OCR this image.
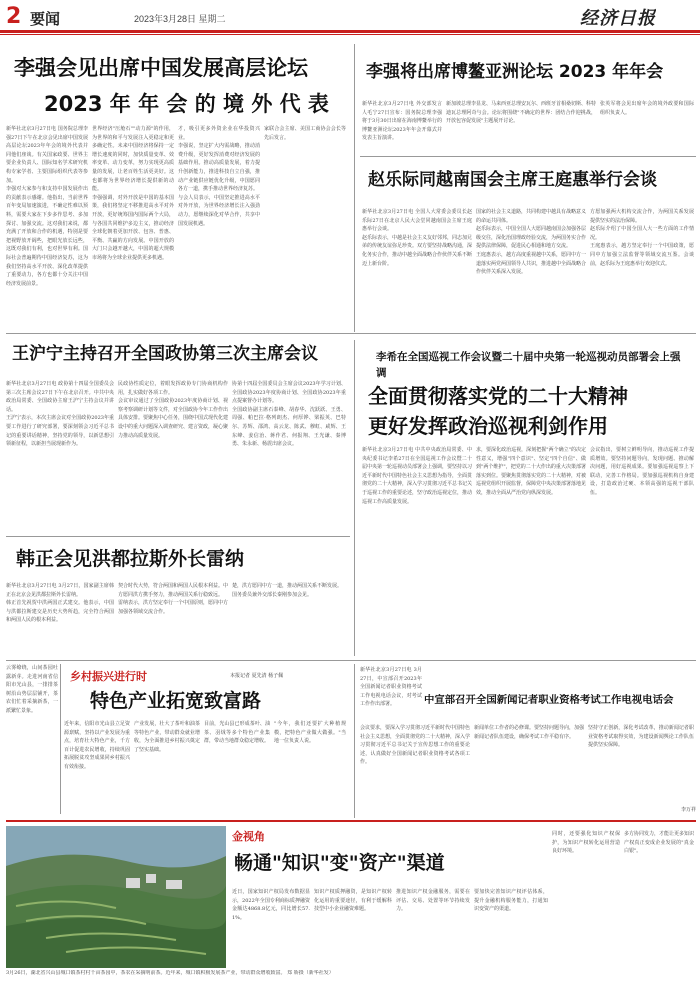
2 要闻	2023年3月28日 星期二	经济日报
李强会见出席中国发展高层论坛
2023 年 年 会 的 境 外 代 表
新华社北京3月27日电 国务院总理李强27日下午在北京会见出席中国发展高层论坛2023年年会的境外代表并同他们座谈。有关国家政要、世界主要企业负责人、国际知名学术研究机构专家学者、主要国际组织代表等参加。
李强对大家参与和支持中国发展作出的贡献表示感谢。他指出，当前世界百年变局加速演进，不确定性难以预料，需要大家在下步多作思考、多加探讨、加强交流。这对我们来说，都充满了开放和合作的机遇，特别是要把视野放开阔些，把眼光放长远些，这既对我们有利，也对世界有利。国际社会普遍期待中国经济复苏，这为我们坚持高水平开放、深化改革提供了重要动力，各方也都十分关注中国经济发展前景。
世界经济"压舱石""动力源"的作用，为世界的和平与发展注入更稳定和更多确定性。未来中国经济将保持一定增长速度的同时，加快质量变革、效率变革、动力变革，努力实现更高质量的发展，让老百姓生活更美好。这也都将为世界经济增长提供新的动能。
李强强调，对外开放是中国的基本国策，我们将坚定不移推进高水平对外开放，更好统筹国内国际两个大局，与各国共同维护多边主义，推动经济全球化朝着更加开放、包容、普惠、平衡、共赢的方向发展。中国开放的大门只会越开越大，中国的超大规模市场将为全球企业提供更多机遇。
才，吸引更多外资企业在华投资兴业。
李强说，坚定扩大内需战略，推动消费升级，更好发挥消费对经济发展的基础作用。推动高质量发展，着力提升创新能力，推进科技自立自强，推动产业链供应链优化升级，中国愿同各方一道，携手推动世界经济复苏。
与会人员表示，中国坚定推进高水平对外开放，为世界经济增长注入强劲动力，愿继续深化对华合作，共享中国发展机遇。
家联合会主席、美国工商协会会长等先后发言。
李强将出席博鳌亚洲论坛 2023 年年会
新华社北京3月27日电 外交部发言人毛宁27日宣布：国务院总理李强将于3月30日出席在海南博鳌举行的博鳌亚洲论坛2023年年会开幕式并发表主旨演讲。
新加坡总理李显龙、马来西亚总理安瓦尔、西班牙首相桑切斯、科特迪瓦总理阿奇与会。论坛将围绕"不确定的世界：团结合作迎挑战，开放包容促发展"主题展开讨论。
张英军将会见出席年会的境外政要和国际组织负责人。
赵乐际同越南国会主席王庭惠举行会谈
新华社北京3月27日电 全国人大常委会委员长赵乐际27日在北京人民大会堂同越南国会主席王庭惠举行会谈。
赵乐际表示，中越是社会主义友好邻邦，同志加兄弟的传统友谊弥足珍贵。双方要坚持战略沟通，深化务实合作，推动中越全面战略合作伙伴关系不断迈上新台阶。
国家的社会主义道路，共同构建中越具有战略意义的命运共同体。
赵乐际表示，中国全国人大愿同越南国会加强各层级交往，深化治国理政经验交流，为两国务实合作提供法律保障，促进民心相通和地方交流。
王庭惠表示，越方高度重视越中关系，愿同中方一道落实两党两国领导人共识，推进越中全面战略合作伙伴关系深入发展。
方愿加强两大机构交流合作，为两国关系发展提供坚实的法治保障。
赵乐际介绍了中国全国人大一些方面的工作情况。
王庭惠表示，越方坚定奉行一个中国政策，愿同中方加强立法监督等领域交流互鉴。会谈前，赵乐际为王庭惠举行欢迎仪式。
王沪宁主持召开全国政协第三次主席会议
新华社北京3月27日电 政协第十四届全国委员会第三次主席会议27日下午在北京召开。中共中央政治局常委、全国政协主席王沪宁主持会议并讲话。
王沪宁表示，本次主席会议对全国政协2023年重要工作进行了研究部署，要深刻领会习近平总书记的重要讲话精神，坚持党的领导，以新思想引领新征程，以新担当展现新作为。
民政协性质定位，着眼发挥政协专门协商机构作用，扎实做好各项工作。
会议审议通过了全国政协2023年度协商计划、视察考察调研计划等文件，对全国政协今年工作作出具体安排。要聚焦中心任务，围绕中国式现代化建设中的重大问题深入调查研究、建言资政，凝心聚力推动高质量发展。
协第十四届全国委员会主席会议2023年学习计划、全国政协2023年度协商计划、全国政协2023年重点提案督办计划等。
全国政协副主席石泰峰、胡春华、沈跃跃、王勇、周强、帕巴拉·格列朗杰、何厚铧、梁振英、巴特尔、苏辉、邵鸿、高云龙、陈武、穆虹、咸辉、王东峰、姜信治、蒋作君、何报翔、王光谦、秦博勇、朱永新、杨震出席会议。
李希在全国巡视工作会议暨二十届中央第一轮巡视动员部署会上强调
全面贯彻落实党的二十大精神
更好发挥政治巡视利剑作用
新华社北京3月27日电 中共中央政治局常委、中央纪委书记李希27日在全国巡视工作会议暨二十届中央第一轮巡视动员部署会上强调，要坚持以习近平新时代中国特色社会主义思想为指导，全面贯彻党的二十大精神，深入学习贯彻习近平总书记关于巡视工作的重要论述，坚守政治巡视定位，推动巡视工作高质量发展。
求，要深化政治巡视，深刻把握"两个确立"的决定性意义，增强"四个意识"、坚定"四个自信"、做到"两个维护"，把党的二十大作出的重大决策部署落实到位。要聚焦贯彻落实党的二十大精神，对被巡视党组织开展监督，保障党中央决策部署落地见效，推动全面从严治党向纵深发展。
会议指出，要树立鲜明导向，推动巡视工作提质增效。要坚持问题导向，发现问题、推动解决问题，用好巡视成果。要加强巡视巡察上下联动，完善工作格局。要加强巡视机构自身建设，打造政治过硬、本领高强的巡视干部队伍。
韩正会见洪都拉斯外长雷纳
新华社北京3月27日电 3月27日，国家副主席韩正在北京会见洪都拉斯外长雷纳。
韩正首先祝贺中洪两国正式建交。他表示，中国与洪都拉斯建交是历史大势所趋，完全符合两国和两国人民的根本利益。
契合时代大势，符合两国和两国人民根本利益。中方愿同洪方携手努力，推动两国关系行稳致远。
雷纳表示，洪方坚定奉行一个中国原则，愿同中方加强各领域交流合作。
楚，洪方愿同中方一道，推动两国关系不断发展。
国务委员兼外交部长秦刚参加会见。
云雾缭绕，山间茶园吐露新芽。走进河南省信阳市光山县，一排排茶树沿山势层层铺开，茶农们忙着采摘新茶，一派繁忙景象。
乡村振兴进行时	本报记者 夏先清 杨子佩
特色产业拓宽致富路
近年来，信阳市光山县立足资源禀赋，坚持以产业发展为重点，培育壮大特色产业，千方百计促进农民增收，持续巩固拓展脱贫攻坚成果同乡村振兴有效衔接。
产业发展，壮大了茶叶和油茶等特色产业，带动群众就业增收，为全面推进乡村振兴奠定了坚实基础。
目前，光山县已形成茶叶、油茶、羽绒等多个特色产业集群，带动当地群众稳定增收。
"今年，我们还要扩大种植规模，把特色产业做大做强。"当地一位负责人说。
新华社北京3月27日电 3月27日，中宣部召开2023年全国新闻记者职业资格考试工作电视电话会议，对考试工作作出部署。	中宣部召开全国新闻记者职业资格考试工作电视电话会
会议要求，要深入学习贯彻习近平新时代中国特色社会主义思想，全面贯彻党的二十大精神，深入学习贯彻习近平总书记关于宣传思想工作的重要论述，认真做好全国新闻记者职业资格考试各项工作。
新闻单位工作者的必修课。要坚持问题导向，加强新闻记者队伍建设，确保考试工作平稳有序。
坚持守正创新，深化考试改革，推动新闻记者职业资格考试取得实效，为建设新闻舆论工作队伍提供坚实保障。
李万祥
金视角
畅通"知识"变"资产"渠道
近日，国家知识产权局发布数据显示，2022年全国专利商标质押融资金额达4868.8亿元，同比增长57.1%。
知识产权质押融资，是知识产权转化运用的重要途径，有利于缓解科技型中小企业融资难题。
推进知识产权金融服务，需要在评估、交易、处置等环节持续发力。
要加快完善知识产权评估体系，提升金融机构服务能力，打通知识变资产的渠道。
同时，还要强化知识产权保护，为知识产权转化运用营造良好环境。
多方协同发力，才能让更多知识产权真正变成企业发展的"真金白银"。
3月26日，湖北省兴山县城口镇茶村村千亩茶园中，茶农在采摘明前茶。近年来，城口镇积极发展茶产业，带动群众增收致富。 郑 娇摄（新华社发）
